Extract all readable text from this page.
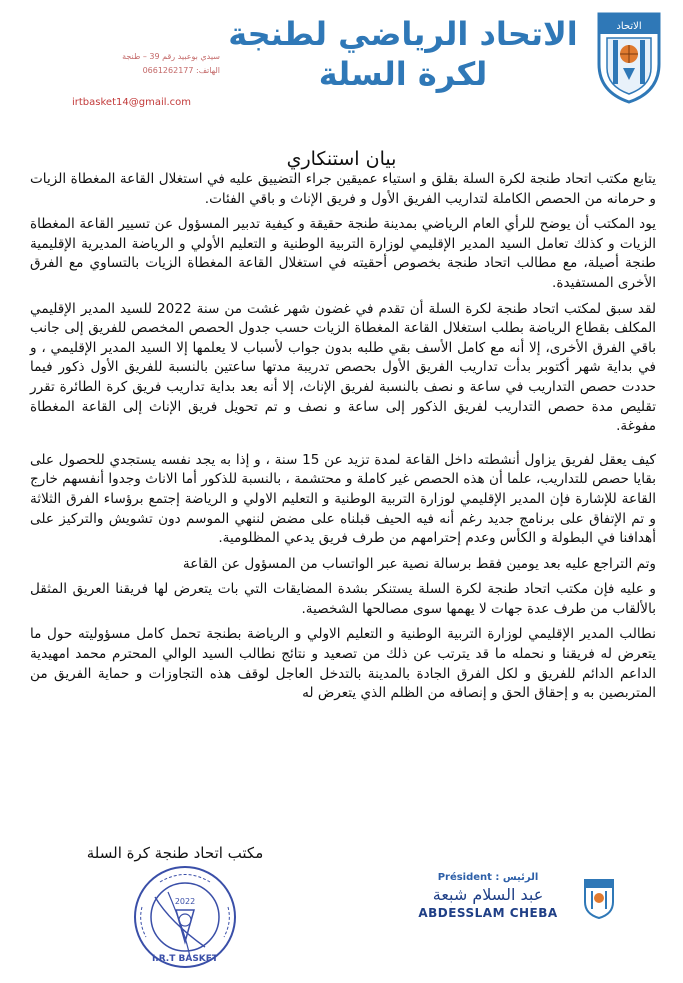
الاتحاد
الاتحاد الرياضي لطنجة
لكرة السلة
سيدي بوعبيد رقم 39 – طنجة
الهاتف: 0661262177
irtbasket14@gmail.com
بيان استنكاري

يتابع مكتب اتحاد طنجة لكرة السلة بقلق و استياء عميقين جراء التضييق عليه في استغلال القاعة المغطاة الزيات و حرمانه من الحصص الكاملة لتداريب الفريق الأول و فريق الإناث و باقي الفئات.

يود المكتب أن يوضح للرأي العام الرياضي بمدينة طنجة حقيقة و كيفية تدبير المسؤول عن تسيير القاعة المغطاة الزيات و كذلك تعامل السيد المدير الإقليمي لوزارة التربية الوطنية و التعليم الأولي و الرياضة المديرية الإقليمية طنجة أصيلة، مع مطالب اتحاد طنجة بخصوص أحقيته في استغلال القاعة المغطاة الزيات بالتساوي مع الفرق الأخرى المستفيدة.

لقد سبق لمكتب اتحاد طنجة لكرة السلة أن تقدم في غضون شهر غشت من سنة 2022 للسيد المدير الإقليمي المكلف بقطاع الرياضة بطلب استغلال القاعة المغطاة الزيات حسب جدول الحصص المخصص للفريق إلى جانب باقي الفرق الأخرى، إلا أنه مع كامل الأسف بقي طلبه بدون جواب لأسباب لا يعلمها إلا السيد المدير الإقليمي ، و في بداية شهر أكتوبر بدأت تداريب الفريق الأول بحصص تدريبة مدتها ساعتين بالنسبة للفريق الأول ذكور فيما حددت حصص التداريب في ساعة و نصف بالنسبة لفريق الإناث، إلا أنه بعد بداية تداريب فريق كرة الطائرة تقرر تقليص مدة حصص التداريب لفريق الذكور إلى ساعة و نصف و تم تحويل فريق الإناث إلى القاعة المغطاة مفوغة.

كيف يعقل لفريق يزاول أنشطته داخل القاعة لمدة تزيد عن 15 سنة ، و إذا به يجد نفسه يستجدي للحصول على بقايا حصص للتداريب، علما أن هذه الحصص غير كاملة و محتشمة ، بالنسبة للذكور أما الاناث وجدوا أنفسهم خارج القاعة للإشارة فإن المدير الإقليمي لوزارة التربية الوطنية و التعليم الاولي و الرياضة إجتمع برؤساء الفرق الثلاثة و تم الإتفاق على برنامج جديد رغم أنه فيه الحيف قبلناه على مضض لننهي الموسم دون تشويش والتركيز على أهدافنا في البطولة و الكأس وعدم إحترامهم من طرف فريق يدعي المظلومية.

وتم التراجع عليه بعد يومين فقط برسالة نصية عبر الواتساب من المسؤول عن القاعة

و عليه فإن مكتب اتحاد طنجة لكرة السلة يستنكر بشدة المضايقات التي بات يتعرض لها فريقنا العريق المثقل بالألقاب من طرف عدة جهات لا يهمها سوى مصالحها الشخصية.

نطالب المدير الإقليمي لوزارة التربية الوطنية و التعليم الاولي و الرياضة بطنجة تحمل كامل مسؤوليته حول ما يتعرض له فريقنا و نحمله ما قد يترتب عن ذلك من تصعيد و نتائج نطالب السيد الوالي المحترم محمد امهيدية الداعم الدائم للفريق و لكل الفرق الجادة بالمدينة بالتدخل العاجل لوقف هذه التجاوزات و حماية الفريق من المتربصين به و إحقاق الحق و إنصافه من الظلم الذي يتعرض له

مكتب اتحاد طنجة كرة السلة
2022
I.R.T BASKET
Président : الرئيس
عبد السلام شبعة
ABDESSLAM CHEBA
